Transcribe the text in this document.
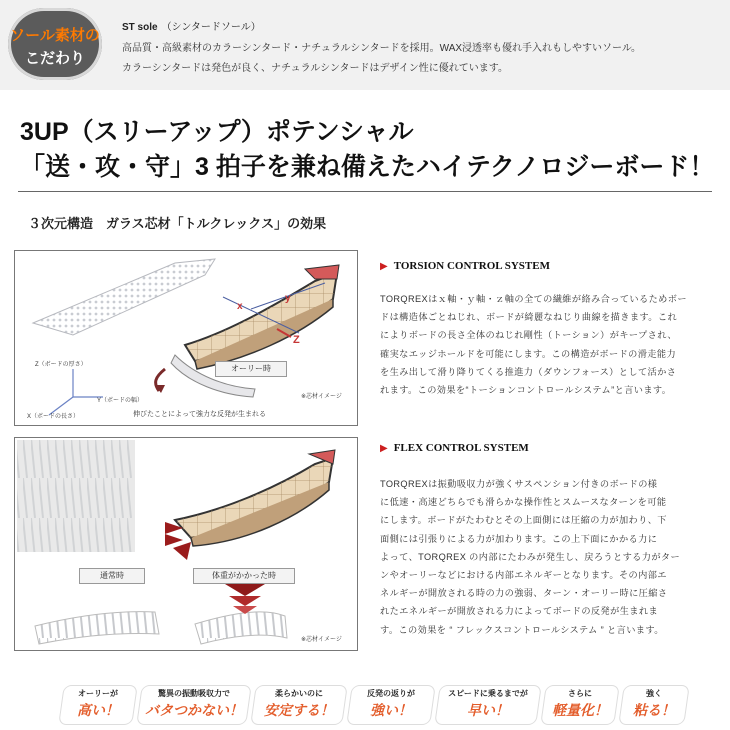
ソール素材の
こだわり
ST sole （シンタードソール）
高品質・高級素材のカラーシンタード・ナチュラルシンタードを採用。WAX浸透率も優れ手入れもしやすいソール。
カラーシンタードは発色が良く、ナチュラルシンタードはデザイン性に優れています。
3UP（スリーアップ）ポテンシャル
「送・攻・守」3 拍子を兼ね備えたハイテクノロジーボード！
３次元構造　ガラス芯材「トルクレックス」の効果
x
y
Z
Z（ボードの厚さ）
Y（ボードの幅）
X（ボードの長さ）
オーリー時
※芯材イメージ
伸びたことによって強力な反発が生まれる
通常時	体重がかかった時
※芯材イメージ
▶ TORSION CONTROL SYSTEM
TORQREXはｘ軸・ｙ軸・ｚ軸の全ての繊維が絡み合っているためボー
ドは構造体ごとねじれ、ボードが綺麗なねじり曲線を描きます。これ
によりボードの長さ全体のねじれ剛性（トーション）がキープされ、
確実なエッジホールドを可能にします。この構造がボードの滑走能力
を生み出して滑り降りてくる推進力（ダウンフォース）として活かさ
れます。この効果を“トーションコントロールシステム”と言います。
▶ FLEX CONTROL SYSTEM
TORQREXは振動吸収力が強くサスペンション付きのボードの様
に低速・高速どちらでも滑らかな操作性とスムースなターンを可能
にします。ボードがたわむとその上面側には圧縮の力が加わり、下
面側には引張りによる力が加わります。この上下面にかかる力に
よって、TORQREX の内部にたわみが発生し、戻ろうとする力がター
ンやオーリーなどにおける内部エネルギーとなります。その内部エ
ネルギーが開放される時の力の強弱、ターン・オーリー時に圧縮さ
れたエネルギーが開放される力によってボードの反発が生まれま
す。この効果を “ フレックスコントロールシステム ” と言います。
オーリーが
高い！
驚異の振動吸収力で
バタつかない！
柔らかいのに
安定する！
反発の返りが
強い！
スピードに乗るまでが
早い！
さらに
軽量化！
強く
粘る！
